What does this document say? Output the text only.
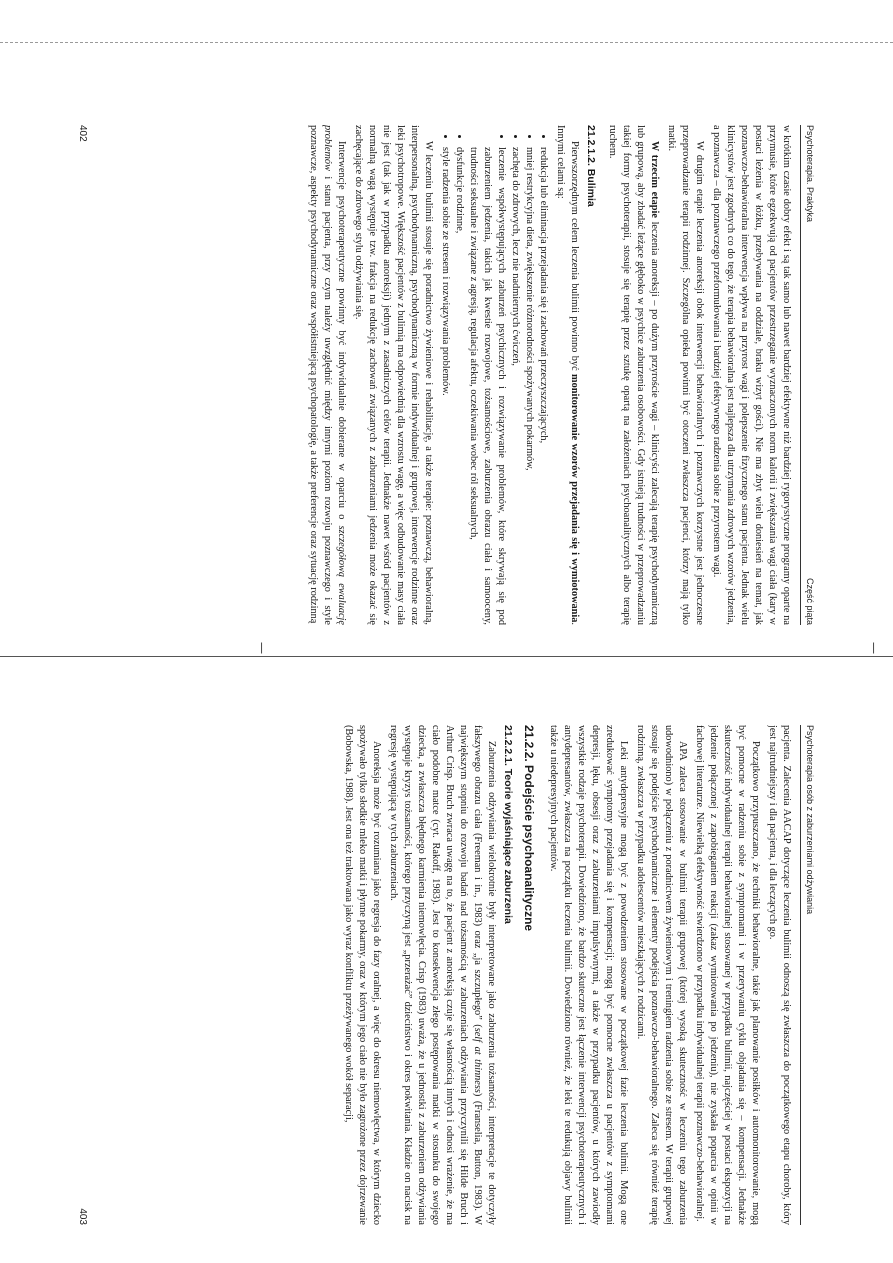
|	|
Psychoterapia. Praktyka
Część piąta

w krótkim czasie dobry efekt i są tak samo lub nawet bardziej efektywne niż bardziej rygorystyczne programy oparte na przymusie, które egzekwują od pacjentów przestrzeganie wyznaczonych norm kalorii i zwiększania wagi ciała (kary w postaci leżenia w łóżku, przebywania na oddziale, braku wizyt gości). Nie ma zbyt wielu doniesień na temat, jak poznawczo-behawioralna interwencja wpływa na przyrost wagi i polepszenie fizycznego stanu pacjenta. Jednak wielu klinicystów jest zgodnych co do tego, że terapia behawioralna jest najlepsza dla utrzymania zdrowych wzorów jedzenia, a poznawcza – dla poznawczego przeformułowania i bardziej efektywnego radzenia sobie z przyrostem wagi.

W drugim etapie leczenia anoreksji obok interwencji behawioralnych i poznawczych korzystne jest jednoczesne przeprowadzanie terapii rodzinnej. Szczególna opieka powinni być otoczeni zwłaszcza pacjenci, którzy mają tylko matki.

W trzecim etapie leczenia anoreksji – po dużym przyroście wagi – klinicyści zalecają terapię psychodynamiczną lub grupową, aby zbadać leżące głęboko w psychice zaburzenia osobowości. Gdy istnieją trudności w przeprowadzaniu takiej formy psychoterapii, stosuje się terapię przez sztukę opartą na założeniach psychoanalitycznych albo terapię ruchem.

21.2.1.2. Bulimia

Pierwszorzędnym celem leczenia bulimii powinno być monitorowanie wzorów przejadania się i wymiotowania. Innymi celami są:

• redukcja lub eliminacja przejadania się i zachowań przeczyszczających,
• mniej restrykcyjna dieta, zwiększenie różnorodności spożywanych pokarmów,
• zachęta do zdrowych, lecz nie nadmiernych ćwiczeń,
• leczenie współwystępujących zaburzeń psychicznych i rozwiązywanie problemów, które skrywają się pod zaburzeniem jedzenia, takich jak kwestie rozwojowe, tożsamościowe, zaburzenia obrazu ciała i samooceny, trudności seksualne i związane z agresją, regulacja afektu, oczekiwania wobec ról seksualnych,
• dysfunkcje rodzinne,
• style radzenia sobie ze stresem i rozwiązywania problemów.

W leczeniu bulimii stosuje się poradnictwo żywieniowe i rehabilitację, a także terapie: poznawczą, behawioralną, interpersonalną, psychodynamiczną, psychodynamiczną w formie indywidualnej i grupowej, interwencje rodzinne oraz leki psychotropowe. Większość pacjentów z bulimią ma odpowiednią dla wzrostu wagę, a więc odbudowanie masy ciała nie jest (tak jak w przypadku anoreksji) jednym z zasadniczych celów terapii. Jednakże nawet wśród pacjentów z normalną wagą występuje tzw. frakcja na redukcję zachowań związanych z zaburzeniami jedzenia może okazać się zachęcające do zdrowego stylu odżywiania się.

Interwencje psychoterapeutyczne powinny być indywidualnie dobierane w oparciu o szczegółową ewaluację problemów i stanu pacjenta, przy czym należy uwzględnić między innymi poziom rozwoju poznawczego i style poznawcze, aspekty psychodynamiczne oraz współistniejącą psychopatologię, a także preferencje oraz sytuację rodzinną

402
Psychoterapia osób z zaburzeniami odżywiania

pacjenta. Zalecenia AACAP dotyczące leczenia bulimii odnoszą się zwłaszcza do początkowego etapu choroby, który jest najtrudniejszy i dla pacjenta, i dla leczących go.

Początkowo przypuszczano, że techniki behawioralne, takie jak planowanie posiłków i automonitorowanie, mogą być pomocne w radzeniu sobie z symptomami i w przerywaniu cyklu objadania się – kompensacji. Jednakże skuteczność indywidualnej terapii behawioralnej stosowanej w przypadku bulimii, najczęściej w postaci ekspozycji na jedzenie połączonej z zapobieganiem reakcji (zakaz wymiotowania po jedzeniu), nie zyskała poparcia w opinii w fachowej literaturze. Niewielką efektywność stwierdzono w przypadku indywidualnej terapii poznawczo-behawioralnej.

APA zaleca stosowanie w bulimii terapii grupowej (której wysoką skuteczność w leczeniu tego zaburzenia udowodniono) w połączeniu z poradnictwem żywieniowym i treningiem radzenia sobie ze stresem. W terapii grupowej stosuje się podejście psychodynamiczne i elementy podejścia poznawczo-behawioralnego. Zaleca się również terapię rodzinną, zwłaszcza w przypadku adolescentów mieszkających z rodzicami.

Leki antydepresyjne mogą być z powodzeniem stosowane w początkowej fazie leczenia bulimii. Mogą one zredukować symptomy przejadania się i kompensacji; mogą być pomocne zwłaszcza u pacjentów z symptomami depresji, lęku, obsesji oraz z zaburzeniami impulsywnymi, a także w przypadku pacjentów, u których zawiodły wszystkie rodzaje psychoterapii. Dowiedziono, że bardzo skuteczne jest łączenie interwencji psychoterapeutycznych i antydepresantów, zwłaszcza na początku leczenia bulimii. Dowiedziono również, że leki te redukują objawy bulimii także u niedepresyjnych pacjentów.

21.2.2. Podejście psychoanalityczne
21.2.2.1. Teorie wyjaśniające zaburzenia

Zaburzenia odżywiania wielokrotnie były interpretowane jako zaburzenia tożsamości, interpretacje te dotyczyły fałszywego obrazu ciała (Freeman i in., 1983) oraz „ja szczupłego” (self at thinness) (Franselia, Button, 1983). W największym stopniu do rozwoju badań nad tożsamością w zaburzeniach odżywiania przyczynili się Hilde Bruch i Arthur Crisp. Bruch zwraca uwagę na to, że pacjent z anoreksją czuje się własnością innych i odnosi wrażenie, że ma ciało podobne matce (cyt. Rakoff, 1983). Jest to konsekwencja złego postępowania matki w stosunku do swojego dziecka, a zwłaszcza błędnego karmienia niemowlęcia. Crisp (1983) uważa, że u jednostki z zaburzeniem odżywiania występuje kryzys tożsamości, którego przyczyną jest „przerażać” dzieciństwo i okres pokwitania. Kładzie on nacisk na regresję występującą w tych zaburzeniach.

Anoreksja może być rozumiana jako regresja do fazy oralnej, a więc do okresu niemowlęctwa, w którym dziecko spożywało tylko słodkie mleko matki i płynne pokarmy, oraz w którym jego ciało nie było zagrożone przez dojrzewanie (Bobowska, 1988). Jest ona też traktowana jako wyraz konfliktu przeżywanego wokół separacji,

403
